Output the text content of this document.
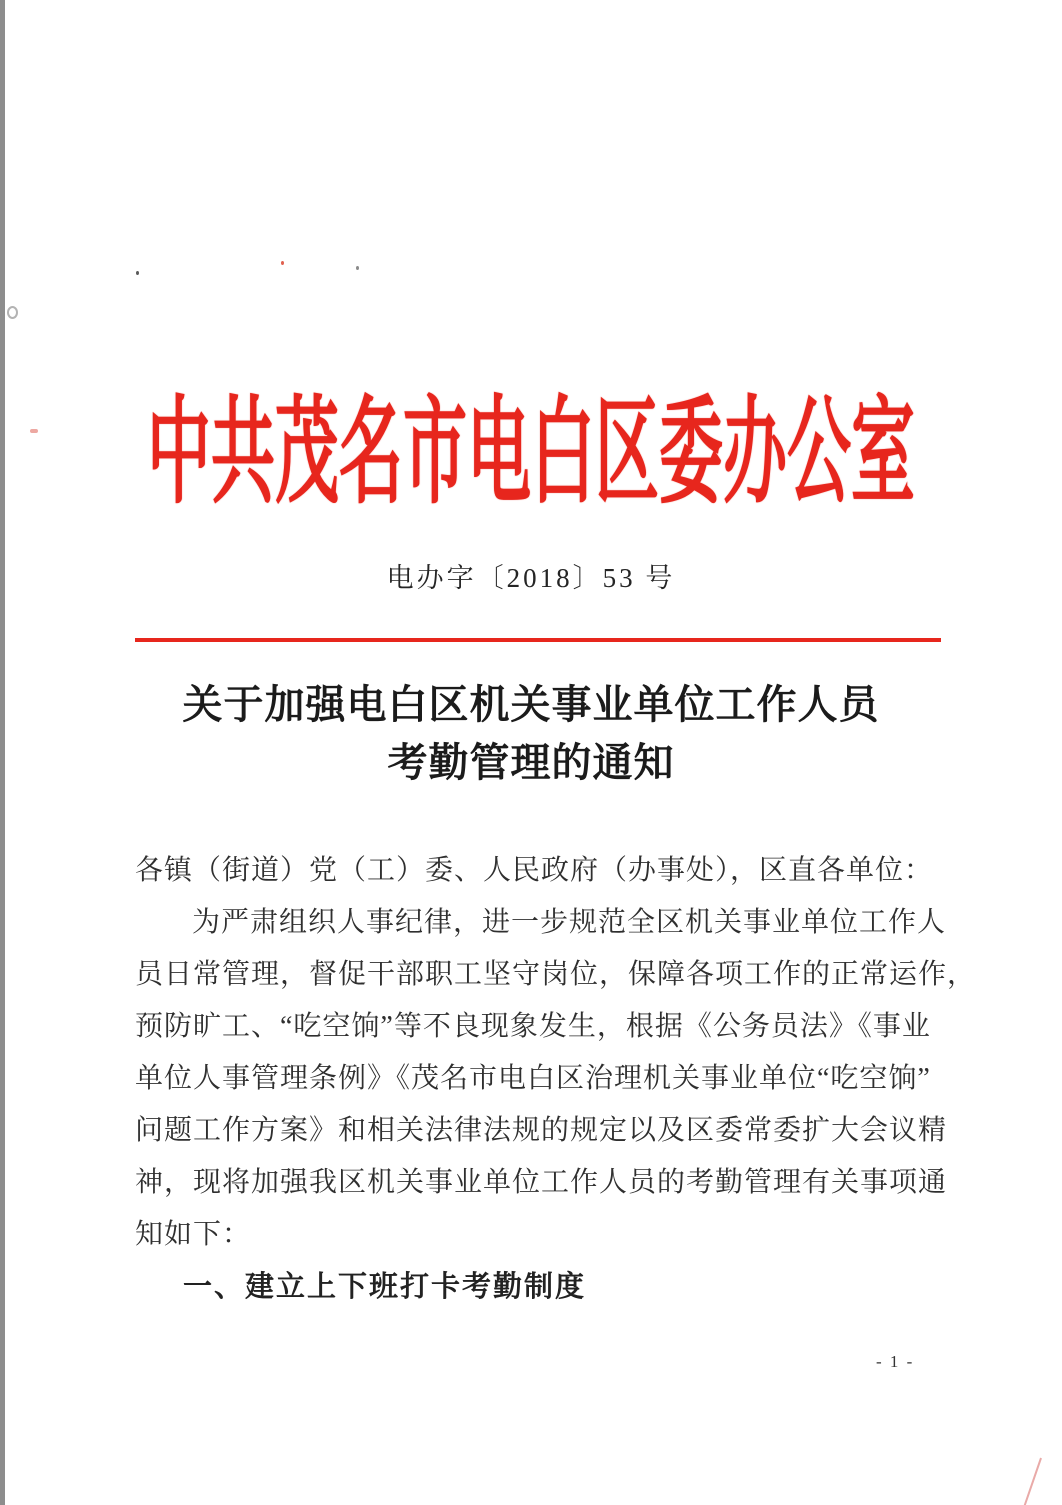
中共茂名市电白区委办公室
电办字〔2018〕53 号
关于加强电白区机关事业单位工作人员
考勤管理的通知
各镇（街道）党（工）委、人民政府（办事处），区直各单位：
为严肃组织人事纪律，进一步规范全区机关事业单位工作人
员日常管理，督促干部职工坚守岗位，保障各项工作的正常运作，
预防旷工、“吃空饷”等不良现象发生，根据《公务员法》《事业
单位人事管理条例》《茂名市电白区治理机关事业单位“吃空饷”
问题工作方案》和相关法律法规的规定以及区委常委扩大会议精
神，现将加强我区机关事业单位工作人员的考勤管理有关事项通
知如下：
一、建立上下班打卡考勤制度
- 1 -
